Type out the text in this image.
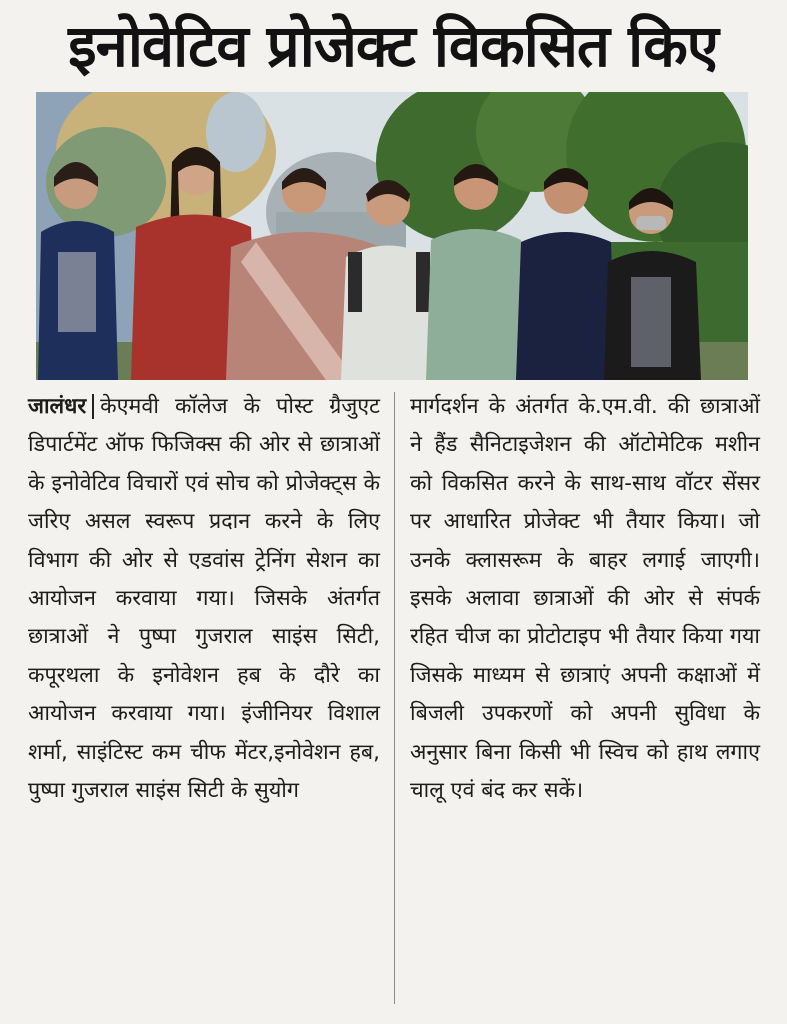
इनोवेटिव प्रोजेक्ट विकसित किए

जालंधर केएमवी कॉलेज के पोस्ट ग्रैजुएट डिपार्टमेंट ऑफ फिजिक्स की ओर से छात्राओं के इनोवेटिव विचारों एवं सोच को प्रोजेक्ट्स के जरिए असल स्वरूप प्रदान करने के लिए विभाग की ओर से एडवांस ट्रेनिंग सेशन का आयोजन करवाया गया। जिसके अंतर्गत छात्राओं ने पुष्पा गुजराल साइंस सिटी, कपूरथला के इनोवेशन हब के दौरे का आयोजन करवाया गया। इंजीनियर विशाल शर्मा, साइंटिस्ट कम चीफ मेंटर,इनोवेशन हब, पुष्पा गुजराल साइंस सिटी के सुयोग

मार्गदर्शन के अंतर्गत के.एम.वी. की छात्राओं ने हैंड सैनिटाइजेशन की ऑटोमेटिक मशीन को विकसित करने के साथ-साथ वॉटर सेंसर पर आधारित प्रोजेक्ट भी तैयार किया। जो उनके क्लासरूम के बाहर लगाई जाएगी। इसके अलावा छात्राओं की ओर से संपर्क रहित चीज का प्रोटोटाइप भी तैयार किया गया जिसके माध्यम से छात्राएं अपनी कक्षाओं में बिजली उपकरणों को अपनी सुविधा के अनुसार बिना किसी भी स्विच को हाथ लगाए चालू एवं बंद कर सकें।
